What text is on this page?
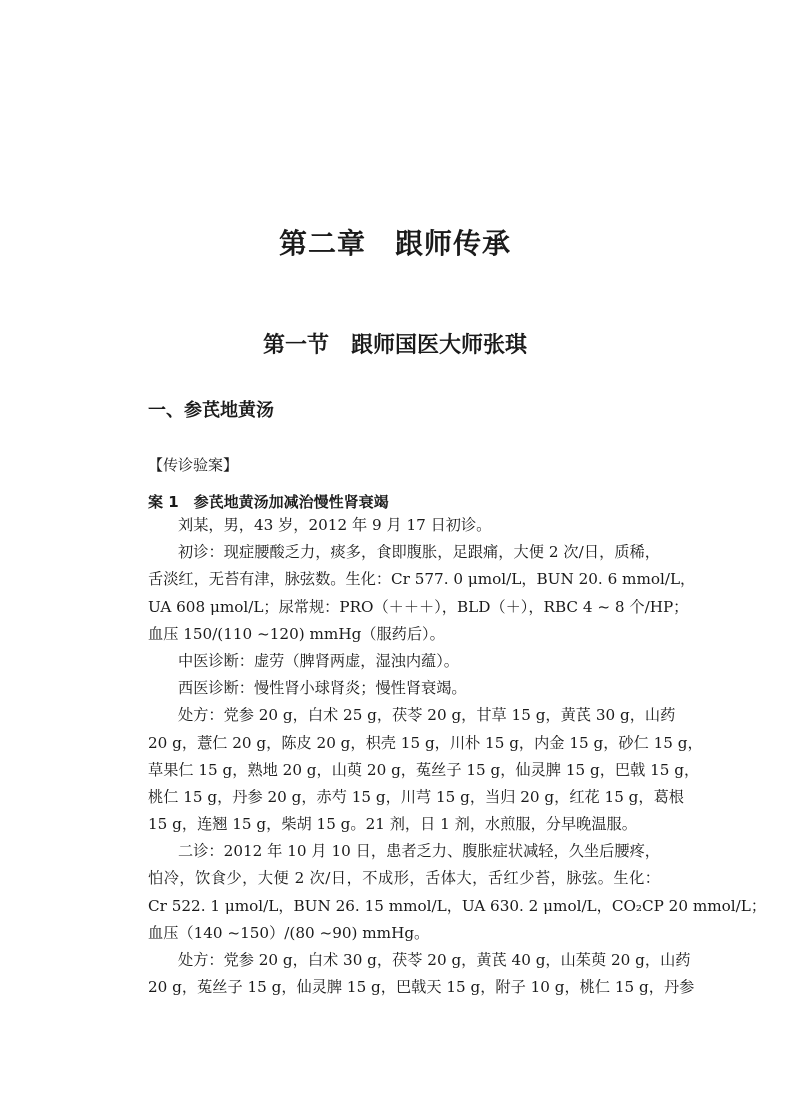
第二章　跟师传承
第一节　跟师国医大师张琪
一、参芪地黄汤
【传诊验案】
案 1　参芪地黄汤加减治慢性肾衰竭
刘某，男，43 岁，2012 年 9 月 17 日初诊。
初诊：现症腰酸乏力，痰多，食即腹胀，足跟痛，大便 2 次/日，质稀，
舌淡红，无苔有津，脉弦数。生化：Cr 577. 0 μmol/L，BUN 20. 6 mmol/L，
UA 608 μmol/L；尿常规：PRO（＋＋＋），BLD（＋），RBC 4 ~ 8 个/HP；
血压 150/(110 ~120) mmHg（服药后）。
中医诊断：虚劳（脾肾两虚，湿浊内蕴）。
西医诊断：慢性肾小球肾炎；慢性肾衰竭。
处方：党参 20 g，白术 25 g，茯苓 20 g，甘草 15 g，黄芪 30 g，山药
20 g，薏仁 20 g，陈皮 20 g，枳壳 15 g，川朴 15 g，内金 15 g，砂仁 15 g，
草果仁 15 g，熟地 20 g，山萸 20 g，菟丝子 15 g，仙灵脾 15 g，巴戟 15 g，
桃仁 15 g，丹参 20 g，赤芍 15 g，川芎 15 g，当归 20 g，红花 15 g，葛根
15 g，连翘 15 g，柴胡 15 g。21 剂，日 1 剂，水煎服，分早晚温服。
二诊：2012 年 10 月 10 日，患者乏力、腹胀症状减轻，久坐后腰疼，
怕冷，饮食少，大便 2 次/日，不成形，舌体大，舌红少苔，脉弦。生化：
Cr 522. 1 μmol/L，BUN 26. 15 mmol/L，UA 630. 2 μmol/L，CO₂CP 20 mmol/L；
血压（140 ~150）/(80 ~90) mmHg。
处方：党参 20 g，白术 30 g，茯苓 20 g，黄芪 40 g，山茱萸 20 g，山药
20 g，菟丝子 15 g，仙灵脾 15 g，巴戟天 15 g，附子 10 g，桃仁 15 g，丹参
